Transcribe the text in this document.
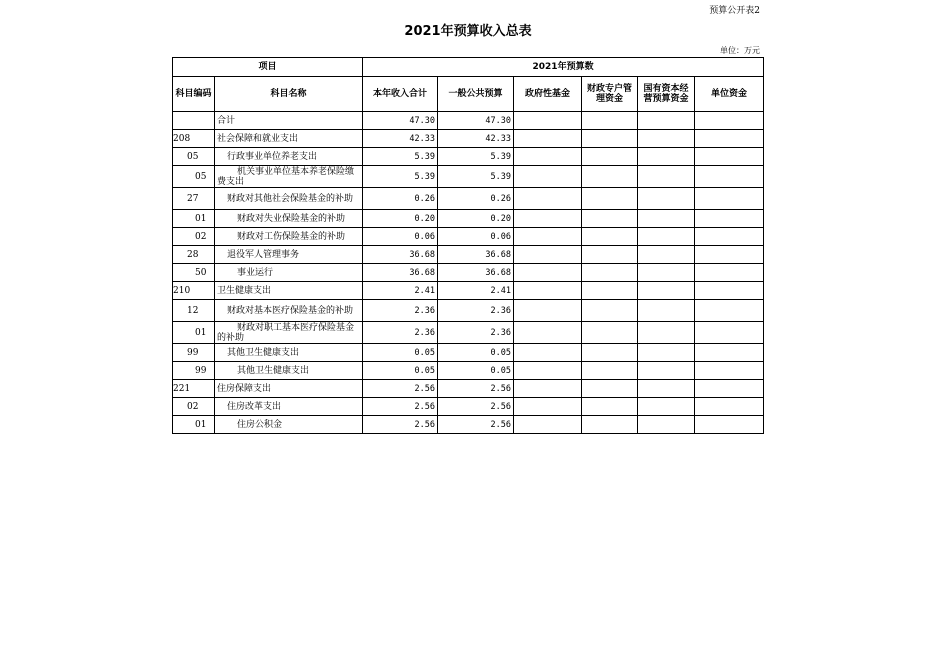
预算公开表2
2021年预算收入总表
单位：万元
项目		2021年预算数					
科目编码	科目名称	本年收入合计	一般公共预算	政府性基金	财政专户管理资金	国有资本经营预算资金	单位资金
	合计	47.30	47.30				
208	社会保障和就业支出	42.33	42.33				
05	行政事业单位养老支出	5.39	5.39				
05	机关事业单位基本养老保险缴费支出	5.39	5.39				
27	财政对其他社会保险基金的补助	0.26	0.26				
01	财政对失业保险基金的补助	0.20	0.20				
02	财政对工伤保险基金的补助	0.06	0.06				
28	退役军人管理事务	36.68	36.68				
50	事业运行	36.68	36.68				
210	卫生健康支出	2.41	2.41				
12	财政对基本医疗保险基金的补助	2.36	2.36				
01	财政对职工基本医疗保险基金的补助	2.36	2.36				
99	其他卫生健康支出	0.05	0.05				
99	其他卫生健康支出	0.05	0.05				
221	住房保障支出	2.56	2.56				
02	住房改革支出	2.56	2.56				
01	住房公积金	2.56	2.56				
